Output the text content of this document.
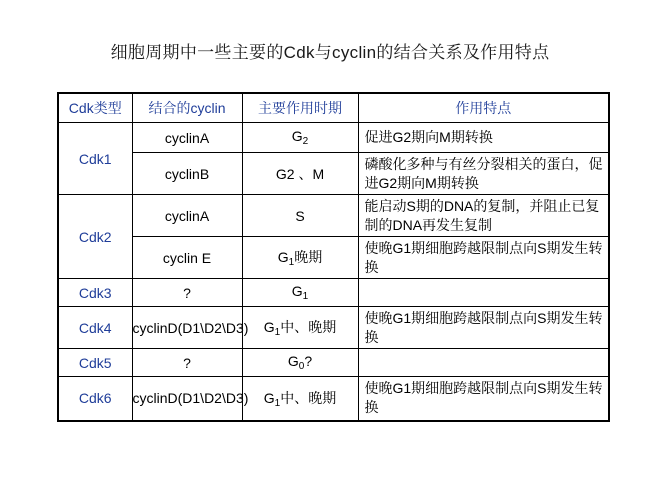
细胞周期中一些主要的Cdk与cyclin的结合关系及作用特点
Cdk类型	结合的cyclin	主要作用时期	作用特点
Cdk1	cyclinA	$G_2$	促进G2期向M期转换
	cyclinB	G2 、M	磷酸化多种与有丝分裂相关的蛋白，促进G2期向M期转换
Cdk2	cyclinA	S	能启动S期的DNA的复制，并阻止已复制的DNA再发生复制
	cyclin E	$G_1$晚期	使晚G1期细胞跨越限制点向S期发生转换
Cdk3	?	$G_1$	
Cdk4	cyclinD(D1\D2\D3)	$G_1$中、晚期	使晚G1期细胞跨越限制点向S期发生转换
Cdk5	?	$G_0$?	
Cdk6	cyclinD(D1\D2\D3)	$G_1$中、晚期	使晚G1期细胞跨越限制点向S期发生转换
